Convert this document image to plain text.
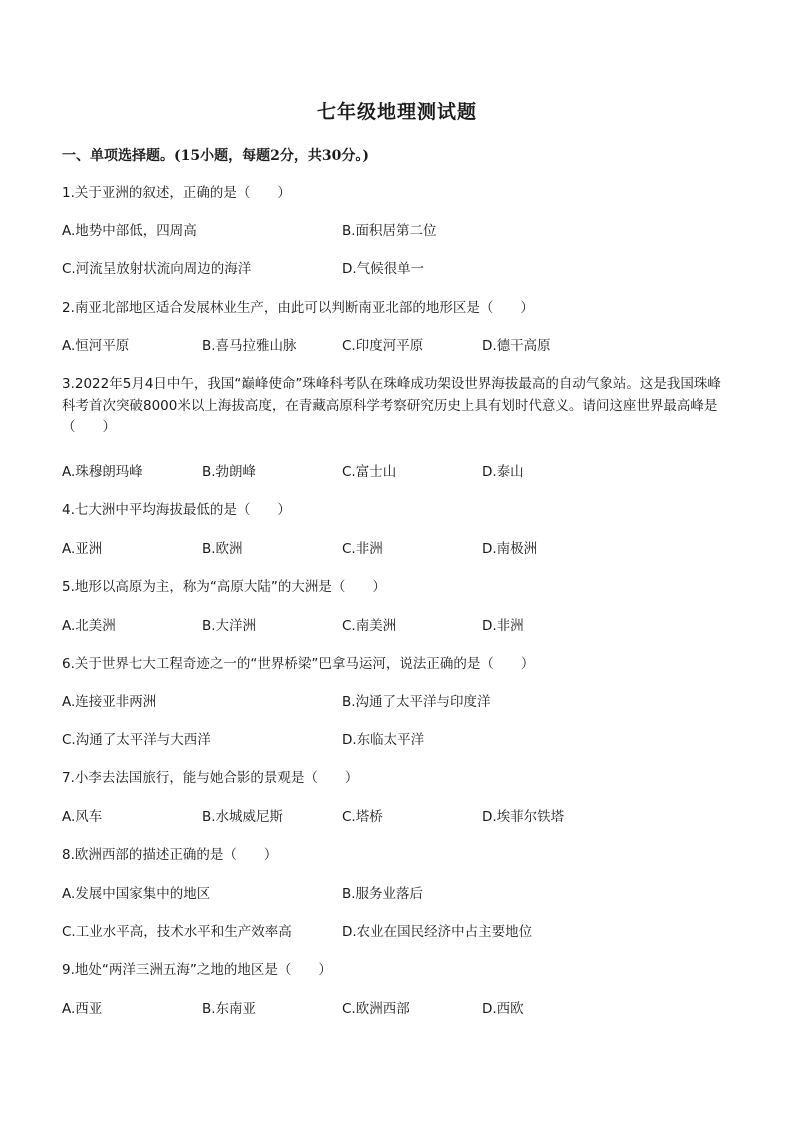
七年级地理测试题

一、单项选择题。(15小题，每题2分，共30分。)

1.关于亚洲的叙述，正确的是（　　）

A.地势中部低，四周高	B.面积居第二位
C.河流呈放射状流向周边的海洋	D.气候很单一

2.南亚北部地区适合发展林业生产，由此可以判断南亚北部的地形区是（　　）

A.恒河平原	B.喜马拉雅山脉	C.印度河平原	D.德干高原

3.2022年5月4日中午，我国“巅峰使命”珠峰科考队在珠峰成功架设世界海拔最高的自动气象站。这是我国珠峰科考首次突破8000米以上海拔高度，在青藏高原科学考察研究历史上具有划时代意义。请问这座世界最高峰是（　　）

A.珠穆朗玛峰	B.勃朗峰	C.富士山	D.泰山

4.七大洲中平均海拔最低的是（　　）

A.亚洲	B.欧洲	C.非洲	D.南极洲

5.地形以高原为主，称为“高原大陆”的大洲是（　　）

A.北美洲	B.大洋洲	C.南美洲	D.非洲

6.关于世界七大工程奇迹之一的“世界桥梁”巴拿马运河，说法正确的是（　　）

A.连接亚非两洲	B.沟通了太平洋与印度洋
C.沟通了太平洋与大西洋	D.东临太平洋

7.小李去法国旅行，能与她合影的景观是（　　）

A.风车	B.水城威尼斯	C.塔桥	D.埃菲尔铁塔

8.欧洲西部的描述正确的是（　　）

A.发展中国家集中的地区	B.服务业落后
C.工业水平高，技术水平和生产效率高	D.农业在国民经济中占主要地位

9.地处“两洋三洲五海”之地的地区是（　　）

A.西亚	B.东南亚	C.欧洲西部	D.西欧
